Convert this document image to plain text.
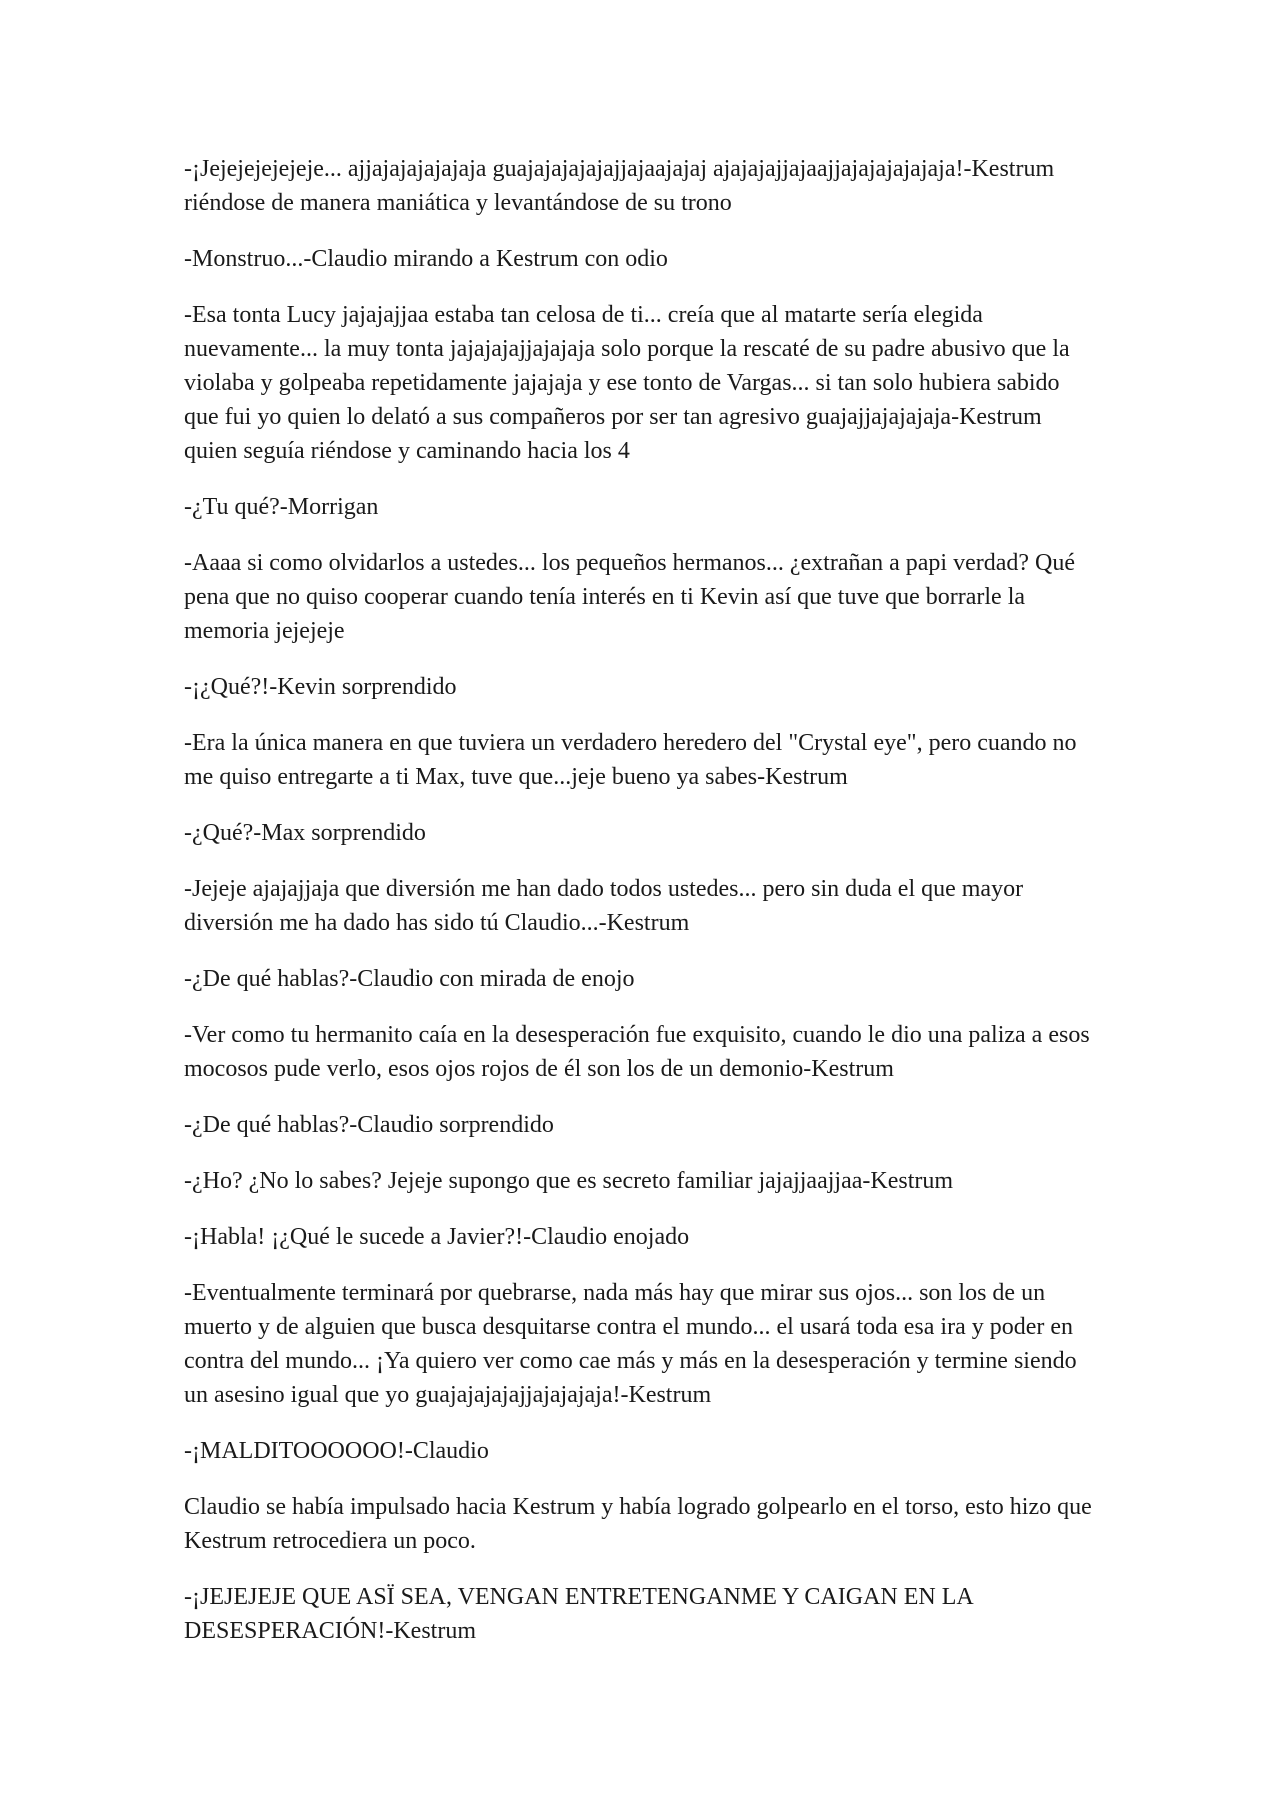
-¡Jejejejejejeje... ajjajajajajajaja guajajajajajajjajaajajaj ajajajajjajaajjajajajajajaja!-Kestrum riéndose de manera maniática y levantándose de su trono

-Monstruo...-Claudio mirando a Kestrum con odio

-Esa tonta Lucy jajajajjaa estaba tan celosa de ti... creía que al matarte sería elegida nuevamente... la muy tonta jajajajajjajajaja solo porque la rescaté de su padre abusivo que la violaba y golpeaba repetidamente jajajaja y ese tonto de Vargas... si tan solo hubiera sabido que fui yo quien lo delató a sus compañeros por ser tan agresivo guajajjajajajaja-Kestrum quien seguía riéndose y caminando hacia los 4

-¿Tu qué?-Morrigan

-Aaaa si como olvidarlos a ustedes... los pequeños hermanos... ¿extrañan a papi verdad? Qué pena que no quiso cooperar cuando tenía interés en ti Kevin así que tuve que borrarle la memoria jejejeje

-¡¿Qué?!-Kevin sorprendido

-Era la única manera en que tuviera un verdadero heredero del "Crystal eye", pero cuando no me quiso entregarte a ti Max, tuve que...jeje bueno ya sabes-Kestrum

-¿Qué?-Max sorprendido

-Jejeje ajajajjaja que diversión me han dado todos ustedes... pero sin duda el que mayor diversión me ha dado has sido tú Claudio...-Kestrum

-¿De qué hablas?-Claudio con mirada de enojo

-Ver como tu hermanito caía en la desesperación fue exquisito, cuando le dio una paliza a esos mocosos pude verlo, esos ojos rojos de él son los de un demonio-Kestrum

-¿De qué hablas?-Claudio sorprendido

-¿Ho? ¿No lo sabes? Jejeje supongo que es secreto familiar jajajjaajjaa-Kestrum

-¡Habla! ¡¿Qué le sucede a Javier?!-Claudio enojado

-Eventualmente terminará por quebrarse, nada más hay que mirar sus ojos... son los de un muerto y de alguien que busca desquitarse contra el mundo... el usará toda esa ira y poder en contra del mundo... ¡Ya quiero ver como cae más y más en la desesperación y termine siendo un asesino igual que yo guajajajajajjajajajaja!-Kestrum

-¡MALDITOOOOOO!-Claudio

Claudio se había impulsado hacia Kestrum y había logrado golpearlo en el torso, esto hizo que Kestrum retrocediera un poco.

-¡JEJEJEJE QUE ASÏ SEA, VENGAN ENTRETENGANME Y CAIGAN EN LA DESESPERACIÓN!-Kestrum
